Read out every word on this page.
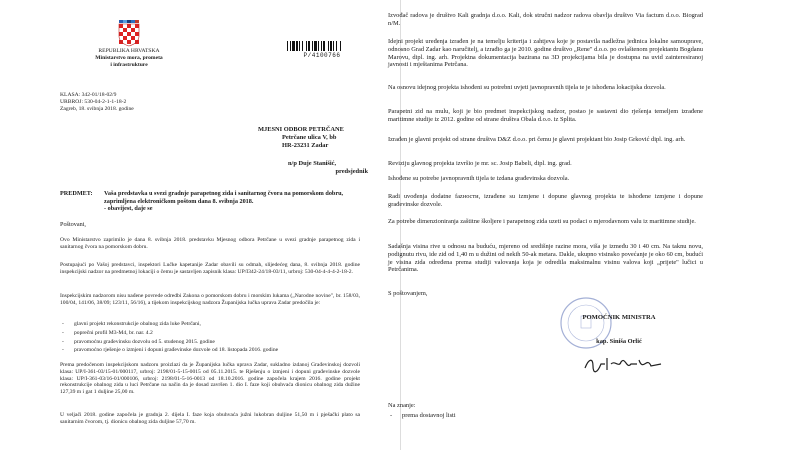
REPUBLIKA HRVATSKA

Ministarstvo mora, prometa

i infrastrukture

P/4100766

KLASA: 342-01/18-02/9

URBROJ: 530-04-2-1-1-18-2

Zagreb, 18. svibnja 2018. godine

MJESNI ODBOR PETRČANE

Petrčane ulica V, bb

HR-23231 Zadar

n/p Duje Stanišić,

predsjednik

PREDMET:	Vaša predstavka u svezi gradnje parapetnog zida i sanitarnog čvora na pomorskom dobru, zaprimljena elektroničkom poštom dana 8. svibnja 2018.

- obavijest, daje se

Poštovani,

Ovo Ministarstvo zaprimilo je dana 8. svibnja 2018. predstavku Mjesnog odbora Petrčane u svezi gradnje parapetnog zida i sanitarnog čvora na pomorskom dobru.

Postupajući po Vašoj predstavci, inspektori Lučke kapetanije Zadar obavili su odmah, slijedećeg dana, 8. svibnja 2018. godine inspekcijski nadzor na predmetnoj lokaciji o čemu je sastavljen zapisnik klasa: UP/I342-24/18-03/11, urbroj: 530-04-4-4-4-2-18-2.

Inspekcijskim nadzorom nisu nađene povrede odredbi Zakona o pomorskom dobru i morskim lukama („Narodne novine", br. 158/03, 100/04, 141/06, 38/09; 123/11, 56/16), a tijekom inspekcijskog nadzora Županijska lučka uprava Zadar predočila je:

- glavni projekt rekonstrukcije obalnog zida luke Petrčani,
- poprečni profil M3-M4, br. nar. 4.2
- pravomoćnu građevinsku dozvolu od 5. studenog 2015. godine
- pravomoćno rješenje o izmjeni i dopuni građevinske dozvole od 18. listopada 2016. godine

Prema predočenom inspekcijskom nadzoru proizlazi da je Županijska lučka uprava Zadar, sukladno izdanoj Građevinskoj dozvoli klasa: UP/I-361-03/15-01/000117, urbroj: 2198/01-5-15-0015 od 05.11.2015. te Rješenju o izmjeni i dopuni građevinske dozvole klasa: UP/I-361-03/16-01/000106, urbroj: 2198/01-5-16-0013 od 18.10.2016. godine započela krajem 2016. godine projekt rekonstrukcije obalnog zida u luci Petrčane na način da je dosad završen 1. dio I. faze koji obuhvaća dionicu obalnog zida dužine 127,39 m i gat 1 duljine 25,00 m.

U veljači 2018. godine započela je gradnja 2. dijela I. faze koja obuhvaća južni lukobran duljine 51,50 m i pješački plato sa sanitarnim čvorom, tj. dionicu obalnog zida duljine 57,70 m.

Izvođač radova je društvo Kali gradnja d.o.o. Kali, dok stručni nadzor radova obavlja društvo Via factum d.o.o. Biograd n/M.

Idejni projekt uređenja izrađen je na temelju kriterija i zahtjeva koje je postavila nadležna jedinica lokalne samouprave, odnosno Grad Zadar kao naručitelj, a izrađio ga je 2010. godine društvo „Rene" d.o.o. po ovlaštenom projektantu Bogdanu Marovu, dipl. ing. arh. Projektna dokumentacija bazirana na 3D projekcijama bila je dostupna na uvid zainteresiranoj javnosti i mještanima Petrčana.

Na osnovu idejnog projekta ishođeni su potrebni uvjeti javnopravnih tijela te je ishođena lokacijska dozvola.

Parapetni zid na mulu, koji je bio predmet inspekcijskog nadzor, postao je sastavni dio rješenja temeljem izrađene maritimne studije iz 2012. godine od strane društva Obala d.o.o. iz Splita.

Izrađen je glavni projekt od strane društva D&Z d.o.o. pri čemu je glavni projektant bio Josip Grković dipl. ing. arh.

Reviziju glavnog projekta izvršio je mr. sc. Josip Babeli, dipl. ing. grad.

Ishođene su potrebe javnopravnih tijela te izdana građevinska dozvola.

Radi uvođenja dodatne fazности, izrađene su izmjene i dopune glavnog projekta te ishođene izmjene i dopune građevinske dozvole.

Za potrebe dimenzioniranja zaštitne školjere i parapetnog zida uzeti su podaci o mjerodavnom valu iz maritimne studije.

Sadašnja visina rive u odnosu na buduću, mjereno od središnje razine mora, viša je između 30 i 40 cm. Na taknu novu, podignutu rivu, ide zid od 1,40 m u dužini od nekih 50-ak metara. Dakle, ukupno visinsko povećanje je oko 60 cm, budući je visina zida određena prema studiji valovanja koja je odredila maksimalnu visinu valova koji „prijete" lučici u Petrčanima.

S poštovanjem,

POMOĆNIK MINISTRA

kap. Siniša Orlić

Na znanje:

- prema dostavnoj listi
